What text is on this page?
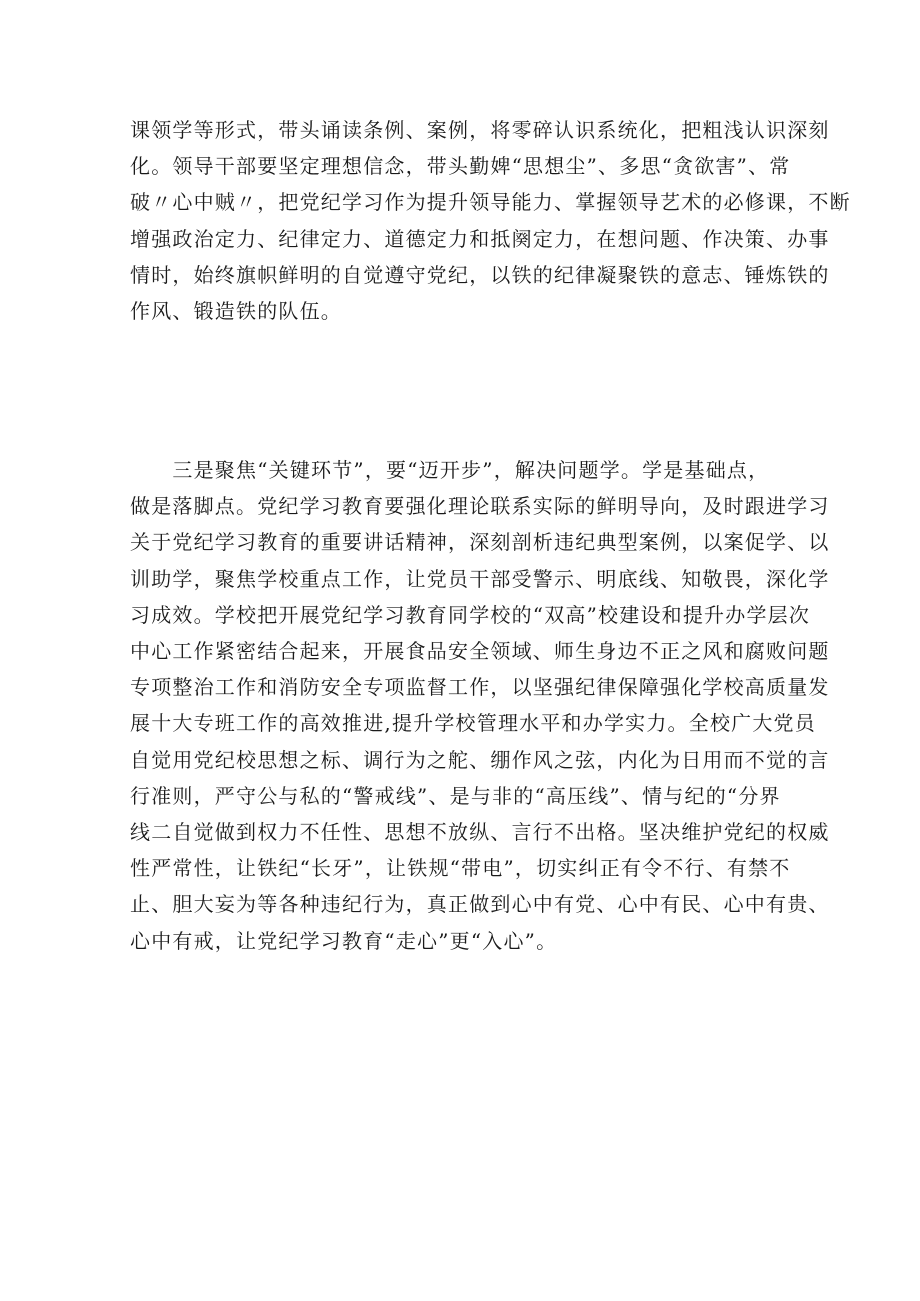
课领学等形式，带头诵读条例、案例，将零碎认识系统化，把粗浅认识深刻
化。领导干部要坚定理想信念，带头勤婢“思想尘”、多思“贪欲害”、常
破〃心中贼〃，把党纪学习作为提升领导能力、掌握领导艺术的必修课，不断
增强政治定力、纪律定力、道德定力和抵阕定力，在想问题、作决策、办事
情时，始终旗帜鲜明的自觉遵守党纪，以铁的纪律凝聚铁的意志、锤炼铁的
作风、锻造铁的队伍。
　　三是聚焦“关键环节”，要“迈开步”，解决问题学。学是基础点，
做是落脚点。党纪学习教育要强化理论联系实际的鲜明导向，及时跟进学习
关于党纪学习教育的重要讲话精神，深刻剖析违纪典型案例，以案促学、以
训助学，聚焦学校重点工作，让党员干部受警示、明底线、知敬畏，深化学
习成效。学校把开展党纪学习教育同学校的“双高”校建设和提升办学层次
中心工作紧密结合起来，开展食品安全领域、师生身边不正之风和腐败问题
专项整治工作和消防安全专项监督工作，以坚强纪律保障强化学校高质量发
展十大专班工作的高效推进,提升学校管理水平和办学实力。全校广大党员
自觉用党纪校思想之标、调行为之舵、绷作风之弦，内化为日用而不觉的言
行准则，严守公与私的“警戒线”、是与非的“高压线”、情与纪的“分界
线二自觉做到权力不任性、思想不放纵、言行不出格。坚决维护党纪的权威
性严常性，让铁纪“长牙”，让铁规“带电”，切实纠正有令不行、有禁不
止、胆大妄为等各种违纪行为，真正做到心中有党、心中有民、心中有贵、
心中有戒，让党纪学习教育“走心”更“入心”。
